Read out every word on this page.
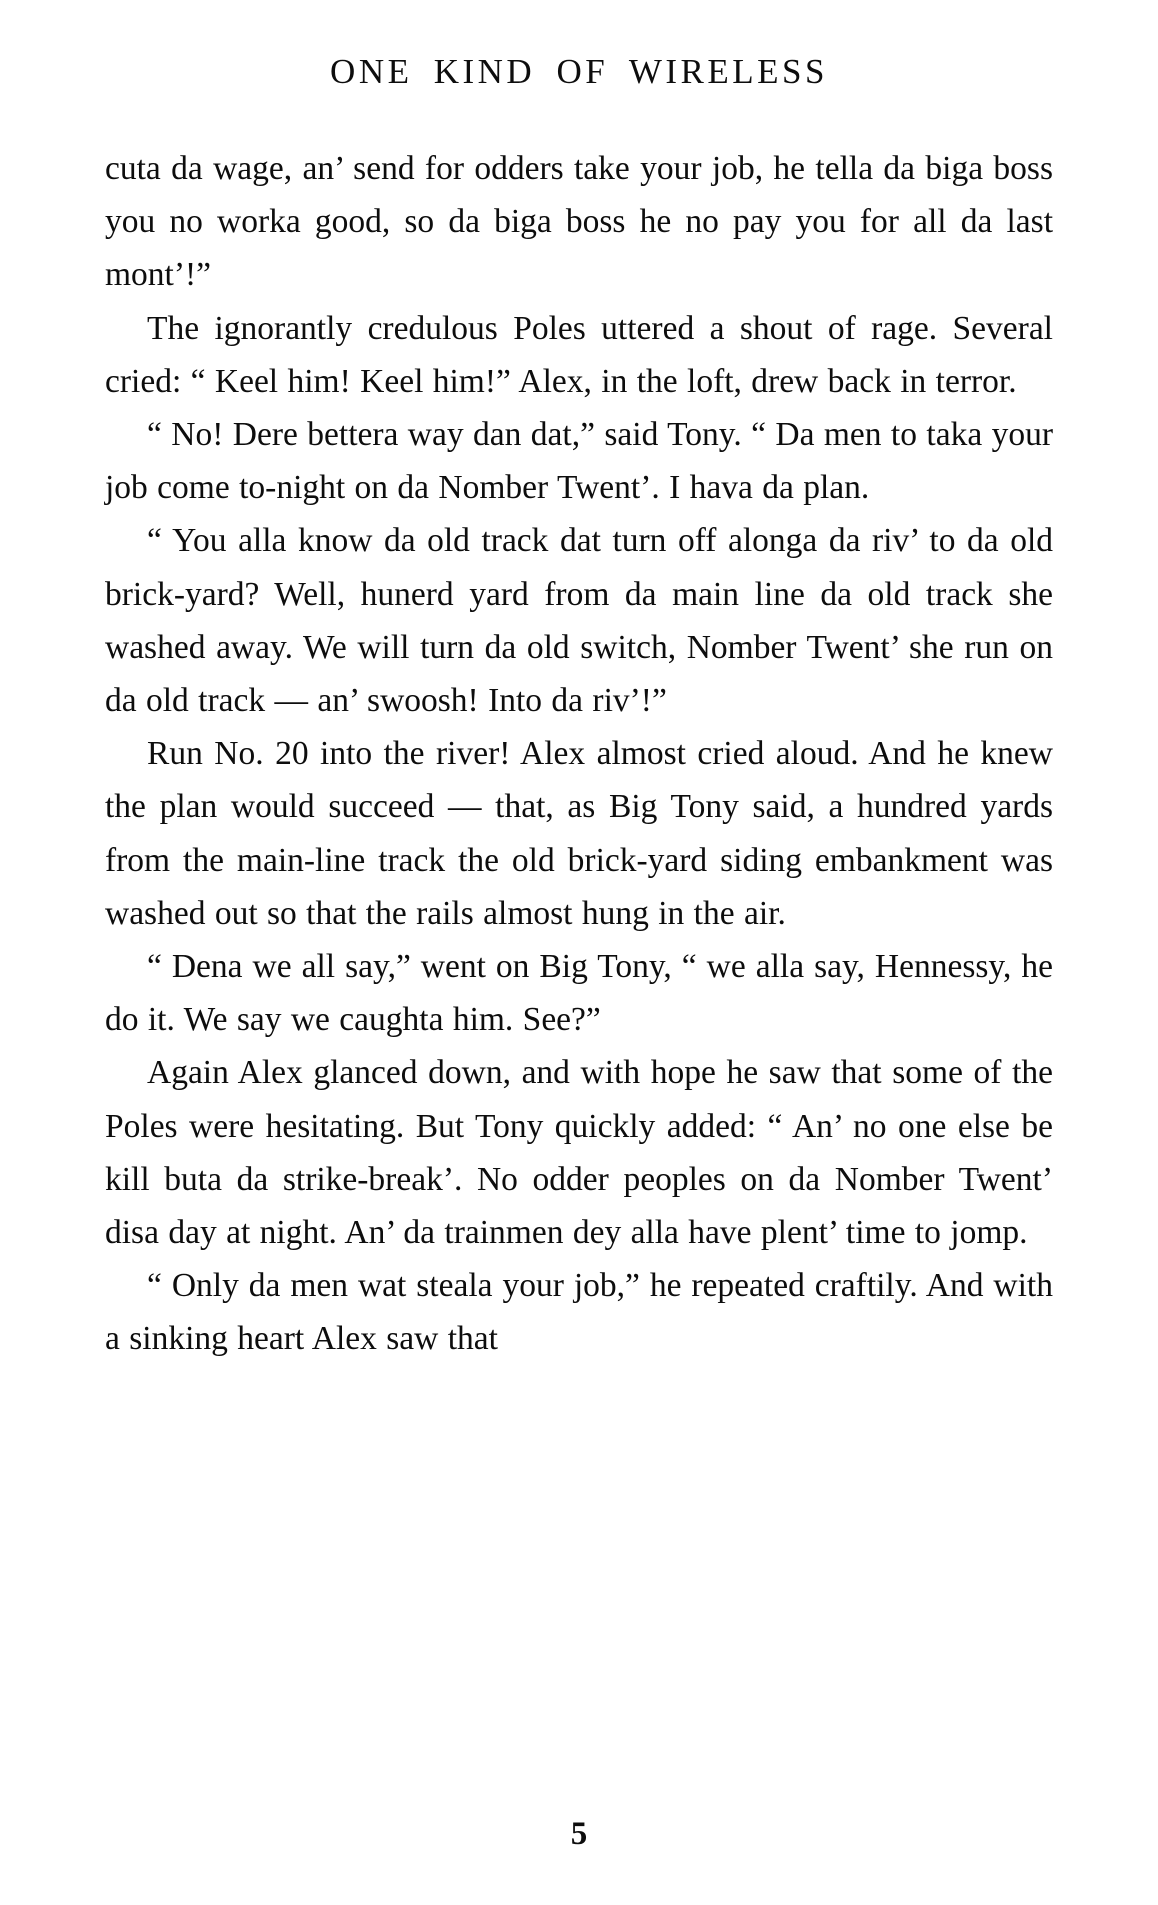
ONE KIND OF WIRELESS

cuta da wage, an’ send for odders take your job, he tella da biga boss you no worka good, so da biga boss he no pay you for all da last mont’!”

The ignorantly credulous Poles uttered a shout of rage. Several cried: “ Keel him! Keel him!” Alex, in the loft, drew back in terror.

“ No! Dere bettera way dan dat,” said Tony. “ Da men to taka your job come to-night on da Nomber Twent’. I hava da plan.

“ You alla know da old track dat turn off alonga da riv’ to da old brick-yard? Well, hunerd yard from da main line da old track she washed away. We will turn da old switch, Nomber Twent’ she run on da old track — an’ swoosh! Into da riv’!”

Run No. 20 into the river! Alex almost cried aloud. And he knew the plan would succeed — that, as Big Tony said, a hundred yards from the main-line track the old brick-yard siding embankment was washed out so that the rails almost hung in the air.

“ Dena we all say,” went on Big Tony, “ we alla say, Hennessy, he do it. We say we caughta him. See?”

Again Alex glanced down, and with hope he saw that some of the Poles were hesitating. But Tony quickly added: “ An’ no one else be kill buta da strike-break’. No odder peoples on da Nomber Twent’ disa day at night. An’ da trainmen dey alla have plent’ time to jomp.

“ Only da men wat steala your job,” he repeated craftily. And with a sinking heart Alex saw that

5
